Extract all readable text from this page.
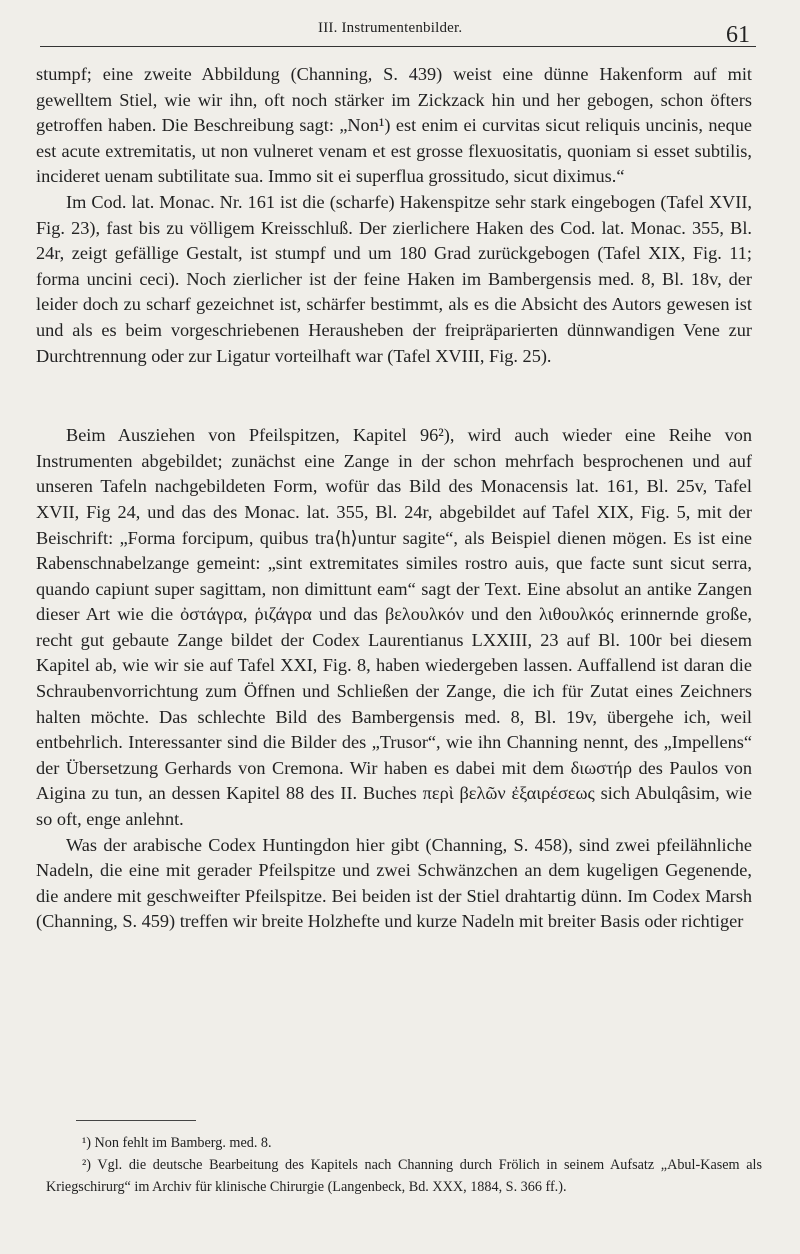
III. Instrumentenbilder.	61

stumpf; eine zweite Abbildung (Channing, S. 439) weist eine dünne Hakenform auf mit gewelltem Stiel, wie wir ihn, oft noch stärker im Zickzack hin und her gebogen, schon öfters getroffen haben. Die Beschreibung sagt: „Non¹) est enim ei curvitas sicut reliquis uncinis, neque est acute extremitatis, ut non vulneret venam et est grosse flexuositatis, quoniam si esset subtilis, incideret uenam subtilitate sua. Immo sit ei superflua grossitudo, sicut diximus.“

Im Cod. lat. Monac. Nr. 161 ist die (scharfe) Hakenspitze sehr stark eingebogen (Tafel XVII, Fig. 23), fast bis zu völligem Kreisschluß. Der zierlichere Haken des Cod. lat. Monac. 355, Bl. 24r, zeigt gefällige Gestalt, ist stumpf und um 180 Grad zurückgebogen (Tafel XIX, Fig. 11; forma uncini ceci). Noch zierlicher ist der feine Haken im Bambergensis med. 8, Bl. 18v, der leider doch zu scharf gezeichnet ist, schärfer bestimmt, als es die Absicht des Autors gewesen ist und als es beim vorgeschriebenen Herausheben der freipräparierten dünnwandigen Vene zur Durchtrennung oder zur Ligatur vorteilhaft war (Tafel XVIII, Fig. 25).

Beim Ausziehen von Pfeilspitzen, Kapitel 96²), wird auch wieder eine Reihe von Instrumenten abgebildet; zunächst eine Zange in der schon mehrfach besprochenen und auf unseren Tafeln nachgebildeten Form, wofür das Bild des Monacensis lat. 161, Bl. 25v, Tafel XVII, Fig 24, und das des Monac. lat. 355, Bl. 24r, abgebildet auf Tafel XIX, Fig. 5, mit der Beischrift: „Forma forcipum, quibus tra⟨h⟩untur sagite“, als Beispiel dienen mögen. Es ist eine Rabenschnabelzange gemeint: „sint extremitates similes rostro auis, que facte sunt sicut serra, quando capiunt super sagittam, non dimittunt eam“ sagt der Text. Eine absolut an antike Zangen dieser Art wie die ὀστάγρα, ῥιζάγρα und das βελουλκόν und den λιθουλκός erinnernde große, recht gut gebaute Zange bildet der Codex Laurentianus LXXIII, 23 auf Bl. 100r bei diesem Kapitel ab, wie wir sie auf Tafel XXI, Fig. 8, haben wiedergeben lassen. Auffallend ist daran die Schraubenvorrichtung zum Öffnen und Schließen der Zange, die ich für Zutat eines Zeichners halten möchte. Das schlechte Bild des Bambergensis med. 8, Bl. 19v, übergehe ich, weil entbehrlich. Interessanter sind die Bilder des „Trusor“, wie ihn Channing nennt, des „Impellens“ der Übersetzung Gerhards von Cremona. Wir haben es dabei mit dem διωστήρ des Paulos von Aigina zu tun, an dessen Kapitel 88 des II. Buches περὶ βελῶν ἐξαιρέσεως sich Abulqâsim, wie so oft, enge anlehnt.

Was der arabische Codex Huntingdon hier gibt (Channing, S. 458), sind zwei pfeilähnliche Nadeln, die eine mit gerader Pfeilspitze und zwei Schwänzchen an dem kugeligen Gegenende, die andere mit geschweifter Pfeilspitze. Bei beiden ist der Stiel drahtartig dünn. Im Codex Marsh (Channing, S. 459) treffen wir breite Holzhefte und kurze Nadeln mit breiter Basis oder richtiger

¹) Non fehlt im Bamberg. med. 8.

²) Vgl. die deutsche Bearbeitung des Kapitels nach Channing durch Frölich in seinem Aufsatz „Abul-Kasem als Kriegschirurg“ im Archiv für klinische Chirurgie (Langenbeck, Bd. XXX, 1884, S. 366 ff.).
